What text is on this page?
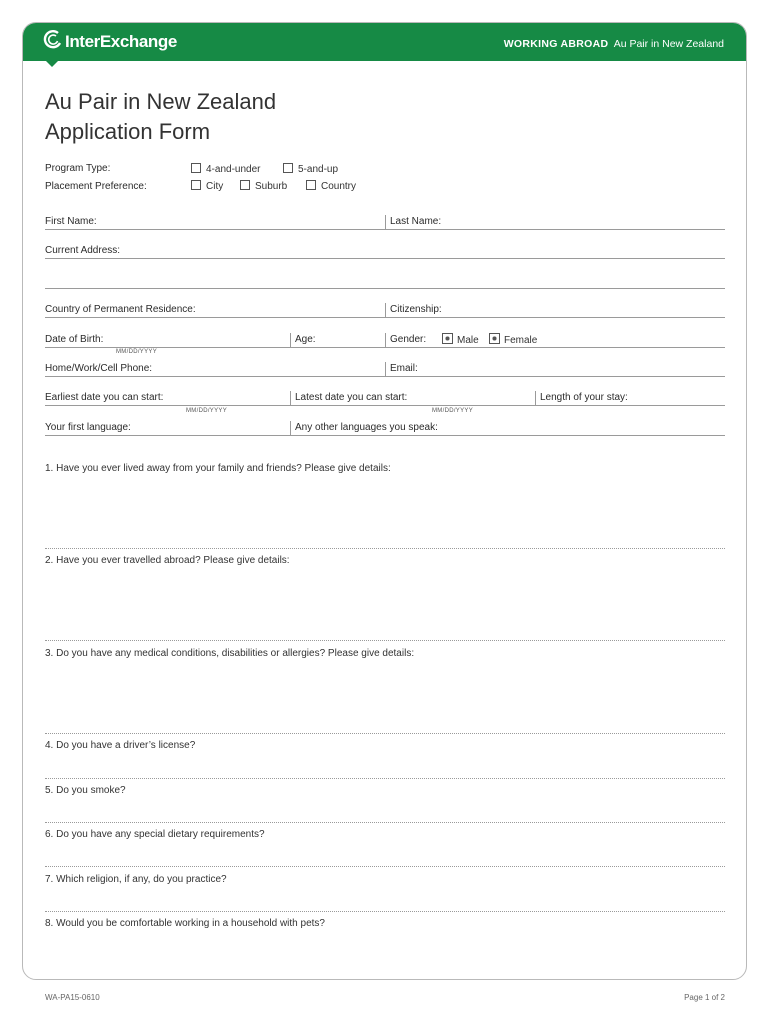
InterExchange	WORKING ABROAD Au Pair in New Zealand
Au Pair in New Zealand
Application Form
Program Type:	4-and-under	5-and-up
Placement Preference:	City	Suburb	Country
First Name:	Last Name:
Current Address:
Country of Permanent Residence:	Citizenship:
Date of Birth:	Age:	Gender:	Male	Female
MM/DD/YYYY
Home/Work/Cell Phone:	Email:
Earliest date you can start:	Latest date you can start:	Length of your stay:
MM/DD/YYYY	MM/DD/YYYY
Your first language:	Any other languages you speak:
1. Have you ever lived away from your family and friends? Please give details:
2. Have you ever travelled abroad? Please give details:
3. Do you have any medical conditions, disabilities or allergies? Please give details:
4. Do you have a driver’s license?
5. Do you smoke?
6. Do you have any special dietary requirements?
7. Which religion, if any, do you practice?
8. Would you be comfortable working in a household with pets?
WA-PA15-0610	Page 1 of 2
